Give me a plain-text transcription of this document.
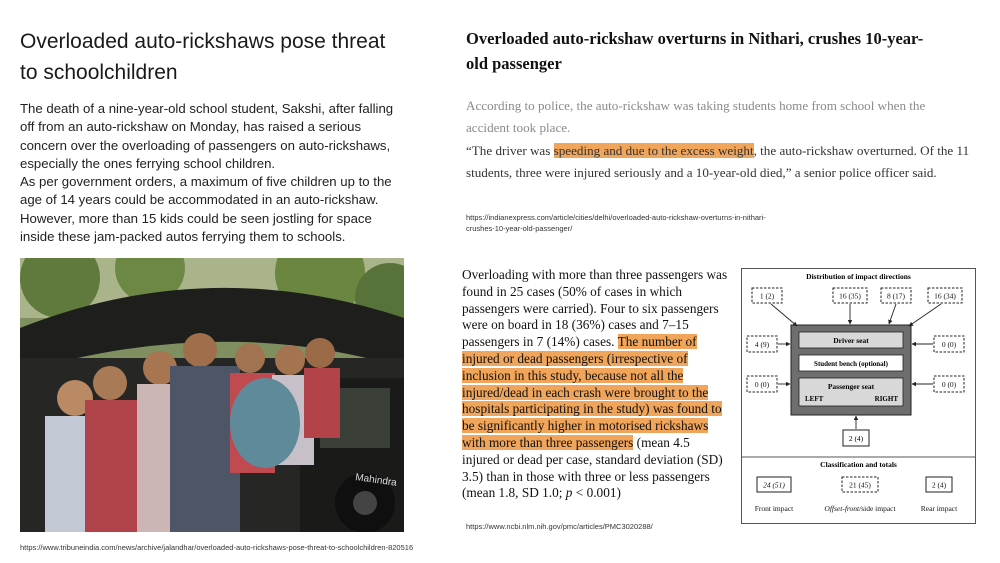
Overloaded auto-rickshaws pose threat to schoolchildren

The death of a nine-year-old school student, Sakshi, after falling off from an auto-rickshaw on Monday, has raised a serious concern over the overloading of passengers on auto-rickshaws, especially the ones ferrying school children.

As per government orders, a maximum of five children up to the age of 14 years could be accommodated in an auto-rickshaw. However, more than 15 kids could be seen jostling for space inside these jam-packed autos ferrying them to schools.

Mahindra
https://www.tribuneindia.com/news/archive/jalandhar/overloaded-auto-rickshaws-pose-threat-to-schoolchildren-820516
Overloaded auto-rickshaw overturns in Nithari, crushes 10-year-old passenger

According to police, the auto-rickshaw was taking students home from school when the accident took place.

“The driver was speeding and due to the excess weight, the auto-rickshaw overturned. Of the 11 students, three were injured seriously and a 10-year-old died,” a senior police officer said.

https://indianexpress.com/article/cities/delhi/overloaded-auto-rickshaw-overturns-in-nithari-crushes-10-year-old-passenger/
Overloading with more than three passengers was found in 25 cases (50% of cases in which passengers were carried). Four to six passengers were on board in 18 (36%) cases and 7–15 passengers in 7 (14%) cases. The number of injured or dead passengers (irrespective of inclusion in this study, because not all the injured/dead in each crash were brought to the hospitals participating in the study) was found to be significantly higher in motorised rickshaws with more than three passengers (mean 4.5 injured or dead per case, standard deviation (SD) 3.5) than in those with three or less passengers (mean 1.8, SD 1.0; p < 0.001)
https://www.ncbi.nlm.nih.gov/pmc/articles/PMC3020288/
Distribution of impact directions
1 (2)	16 (35)	8 (17)	16 (34)
4 (9)
0 (0)
0 (0)
0 (0)
Driver seat
Student bench (optional)
Passenger seat
LEFT	RIGHT
2 (4)
Classification and totals
24 (51)	21 (45)	2 (4)
Front impact	Offset-front/side impact	Rear impact
